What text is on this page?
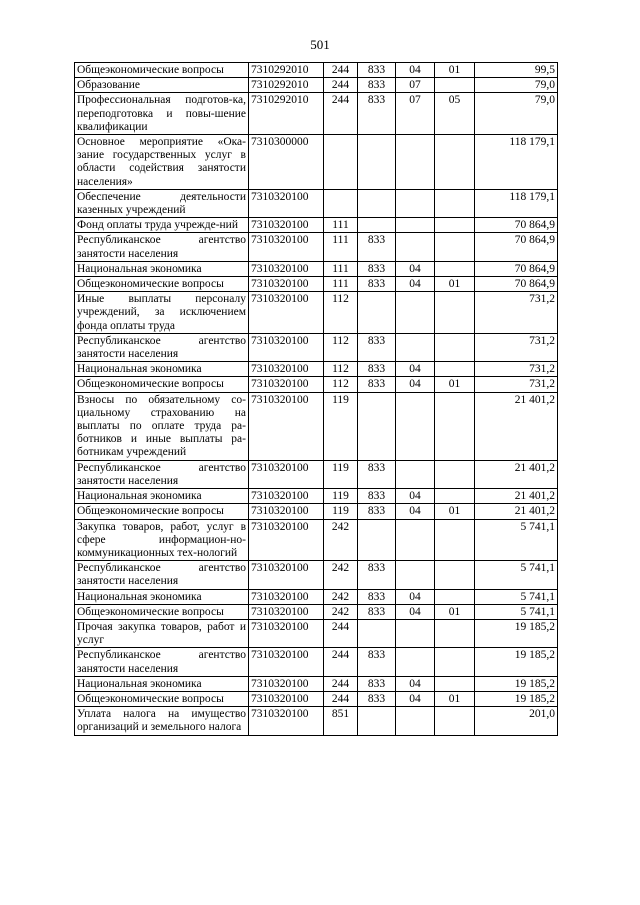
501
Общеэкономические вопросы	7310292010	244	833	04	01	99,5
Образование	7310292010	244	833	07		79,0
Профессиональная подготов-ка, переподготовка и повы-шение квалификации	7310292010	244	833	07	05	79,0
Основное мероприятие «Ока-зание государственных услуг в области содействия занятости населения»	7310300000					118 179,1
Обеспечение деятельности казенных учреждений	7310320100					118 179,1
Фонд оплаты труда учрежде-ний	7310320100	111				70 864,9
Республиканское агентство занятости населения	7310320100	111	833			70 864,9
Национальная экономика	7310320100	111	833	04		70 864,9
Общеэкономические вопросы	7310320100	111	833	04	01	70 864,9
Иные выплаты персоналу учреждений, за исключением фонда оплаты труда	7310320100	112				731,2
Республиканское агентство занятости населения	7310320100	112	833			731,2
Национальная экономика	7310320100	112	833	04		731,2
Общеэкономические вопросы	7310320100	112	833	04	01	731,2
Взносы по обязательному со-циальному страхованию на выплаты по оплате труда ра-ботников и иные выплаты ра-ботникам учреждений	7310320100	119				21 401,2
Республиканское агентство занятости населения	7310320100	119	833			21 401,2
Национальная экономика	7310320100	119	833	04		21 401,2
Общеэкономические вопросы	7310320100	119	833	04	01	21 401,2
Закупка товаров, работ, услуг в сфере информацион-но-коммуникационных тех-нологий	7310320100	242				5 741,1
Республиканское агентство занятости населения	7310320100	242	833			5 741,1
Национальная экономика	7310320100	242	833	04		5 741,1
Общеэкономические вопросы	7310320100	242	833	04	01	5 741,1
Прочая закупка товаров, работ и услуг	7310320100	244				19 185,2
Республиканское агентство занятости населения	7310320100	244	833			19 185,2
Национальная экономика	7310320100	244	833	04		19 185,2
Общеэкономические вопросы	7310320100	244	833	04	01	19 185,2
Уплата налога на имущество организаций и земельного налога	7310320100	851				201,0
